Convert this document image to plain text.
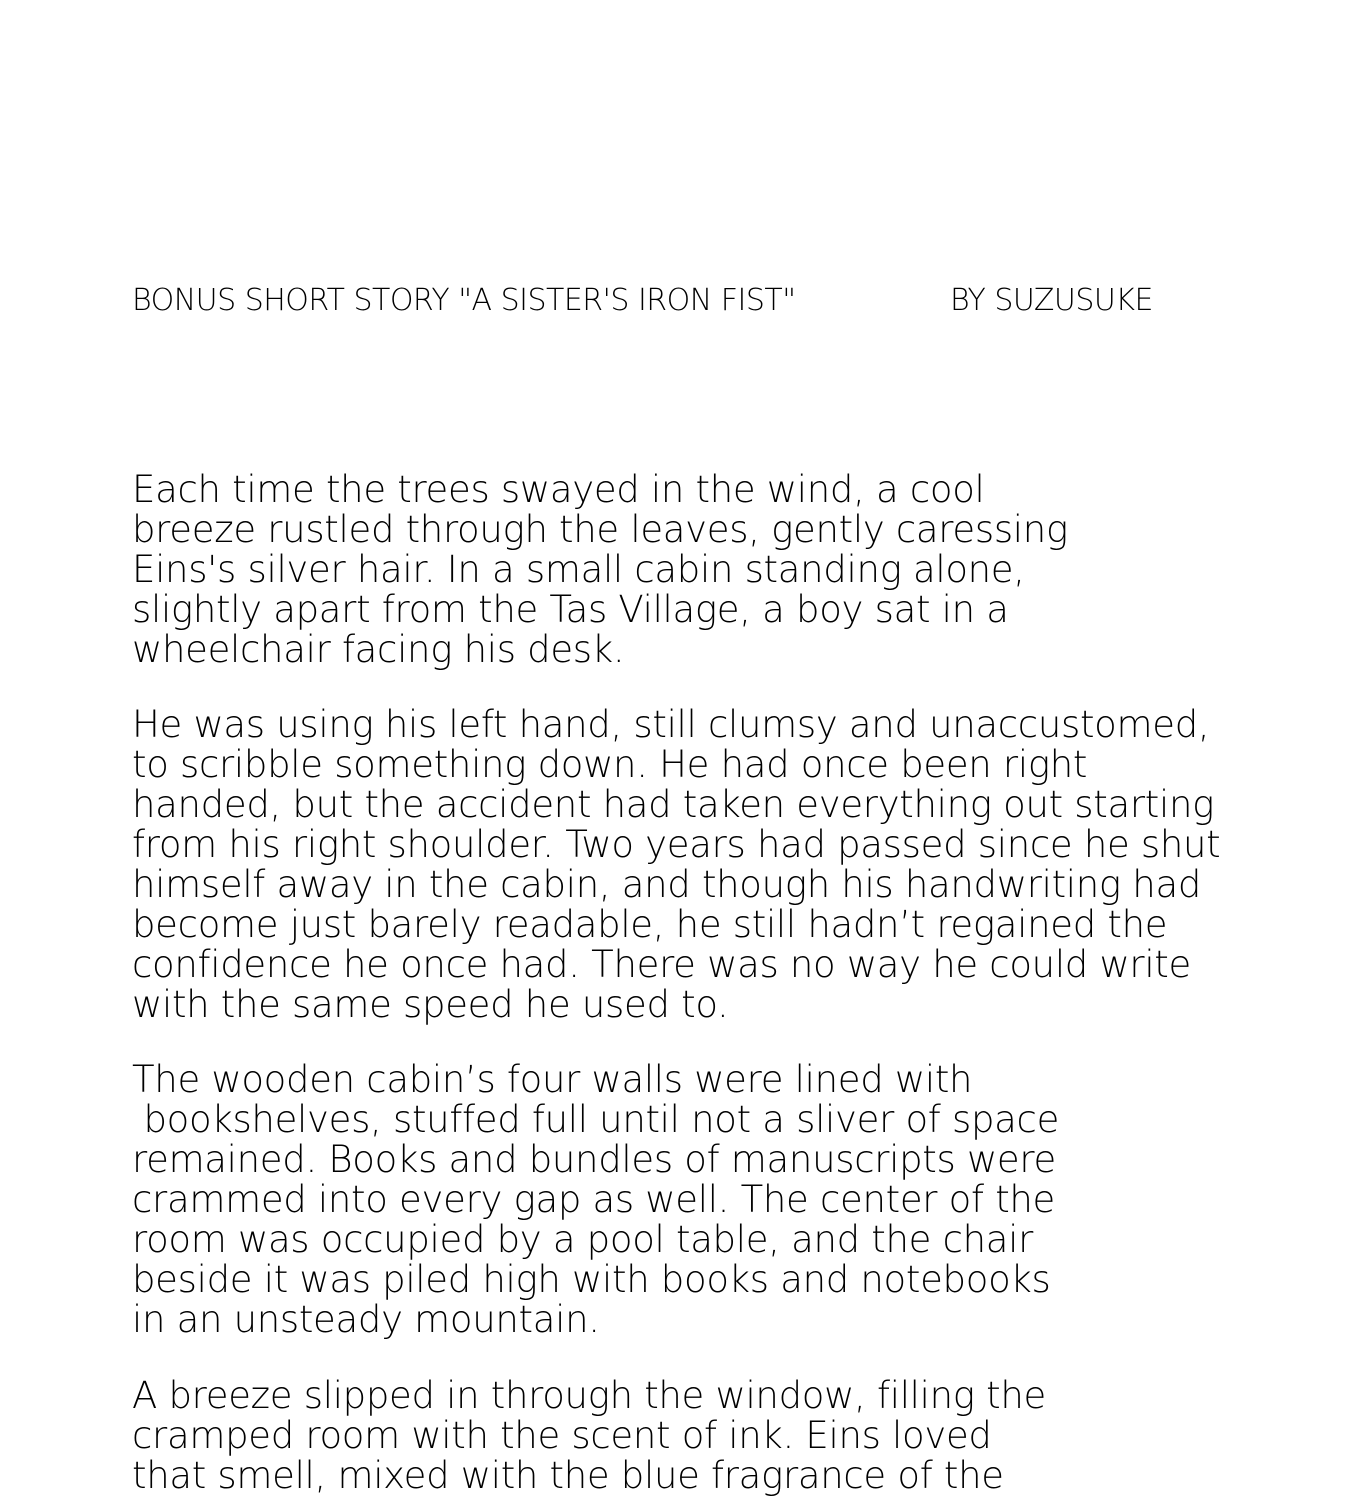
BONUS SHORT STORY "A SISTER'S IRON FIST"	BY SUZUSUKE
Each time the trees swayed in the wind, a cool
breeze rustled through the leaves, gently caressing
Eins's silver hair. In a small cabin standing alone,
slightly apart from the Tas Village, a boy sat in a
wheelchair facing his desk.
He was using his left hand, still clumsy and unaccustomed,
to scribble something down. He had once been right
handed, but the accident had taken everything out starting
from his right shoulder. Two years had passed since he shut
himself away in the cabin, and though his handwriting had
become just barely readable, he still hadn’t regained the
confidence he once had. There was no way he could write
with the same speed he used to.
The wooden cabin’s four walls were lined with
bookshelves, stuffed full until not a sliver of space
remained. Books and bundles of manuscripts were
crammed into every gap as well. The center of the
room was occupied by a pool table, and the chair
beside it was piled high with books and notebooks
in an unsteady mountain.
A breeze slipped in through the window, filling the
cramped room with the scent of ink. Eins loved
that smell, mixed with the blue fragrance of the
